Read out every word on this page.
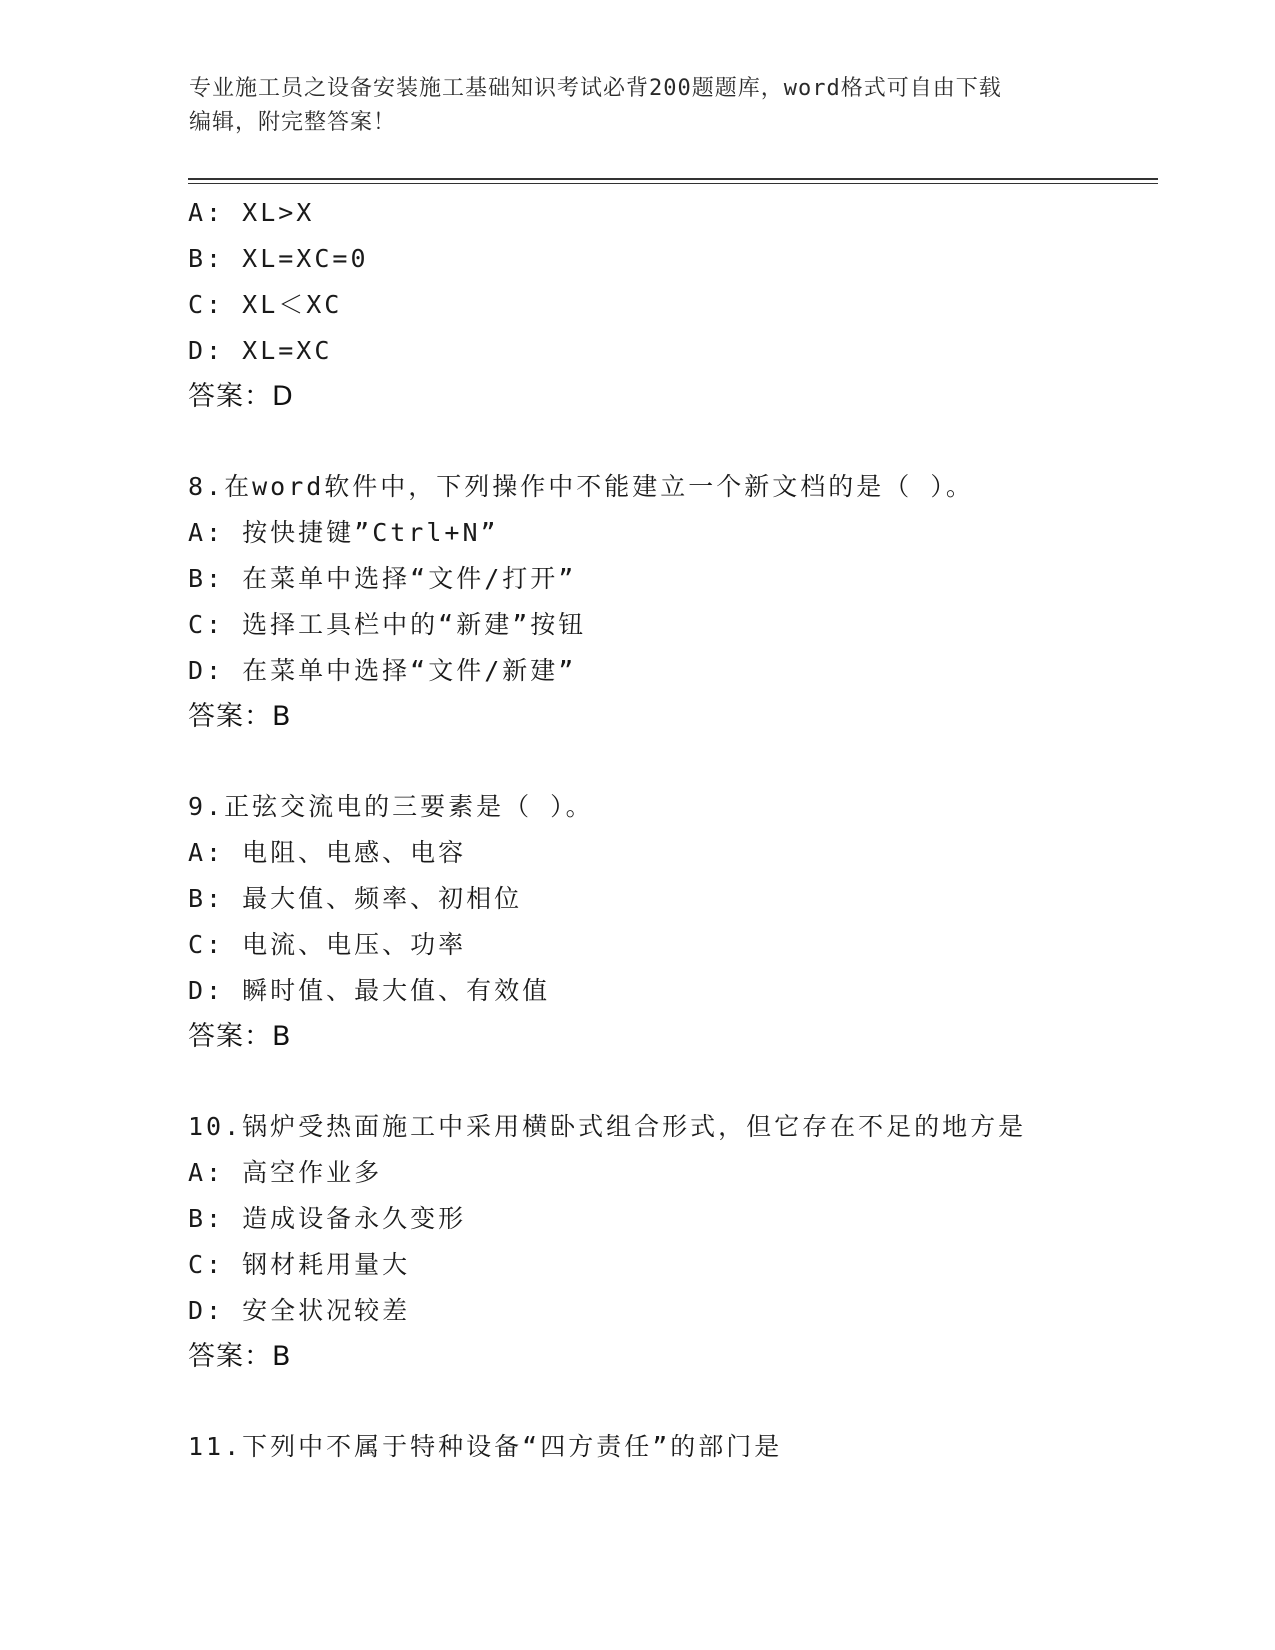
专业施工员之设备安装施工基础知识考试必背200题题库，word格式可自由下载
编辑，附完整答案！
A: XL>X
B: XL=XC=0
C: XL＜XC
D: XL=XC
答案：D
8.在word软件中，下列操作中不能建立一个新文档的是（ ）。
A: 按快捷键”Ctrl+N”
B: 在菜单中选择“文件/打开”
C: 选择工具栏中的“新建”按钮
D: 在菜单中选择“文件/新建”
答案：B
9.正弦交流电的三要素是（ ）。
A: 电阻、电感、电容
B: 最大值、频率、初相位
C: 电流、电压、功率
D: 瞬时值、最大值、有效值
答案：B
10.锅炉受热面施工中采用横卧式组合形式，但它存在不足的地方是
A: 高空作业多
B: 造成设备永久变形
C: 钢材耗用量大
D: 安全状况较差
答案：B
11.下列中不属于特种设备“四方责任”的部门是
